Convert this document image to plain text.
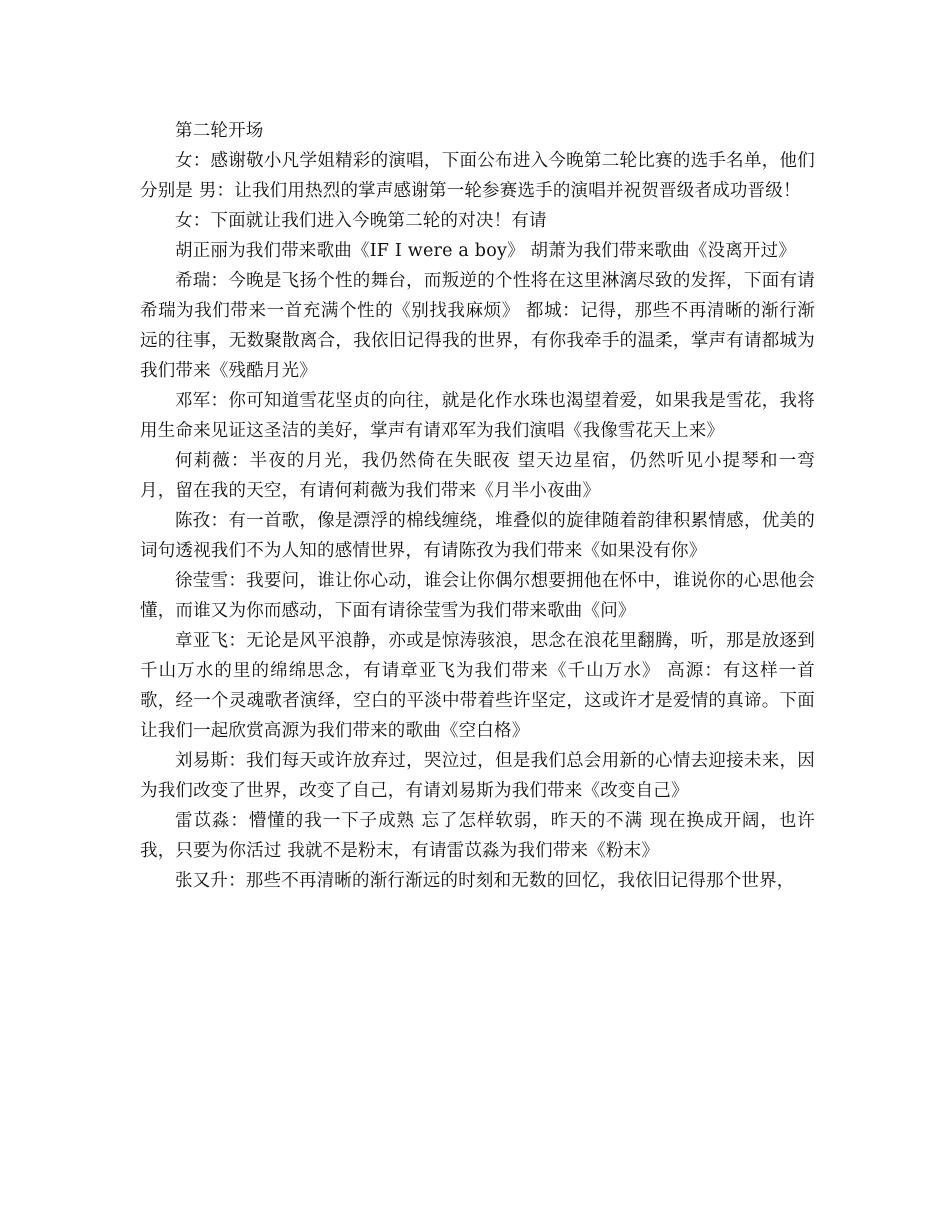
第二轮开场

女：感谢敬小凡学姐精彩的演唱，下面公布进入今晚第二轮比赛的选手名单，他们分别是 男：让我们用热烈的掌声感谢第一轮参赛选手的演唱并祝贺晋级者成功晋级！

女：下面就让我们进入今晚第二轮的对决！有请

胡正丽为我们带来歌曲《IF I were a boy》 胡萧为我们带来歌曲《没离开过》

希瑞：今晚是飞扬个性的舞台，而叛逆的个性将在这里淋漓尽致的发挥，下面有请希瑞为我们带来一首充满个性的《别找我麻烦》 都城：记得，那些不再清晰的渐行渐远的往事，无数聚散离合，我依旧记得我的世界，有你我牵手的温柔，掌声有请都城为我们带来《残酷月光》

邓军：你可知道雪花坚贞的向往，就是化作水珠也渴望着爱，如果我是雪花，我将用生命来见证这圣洁的美好，掌声有请邓军为我们演唱《我像雪花天上来》

何莉薇：半夜的月光，我仍然倚在失眠夜 望天边星宿，仍然听见小提琴和一弯月，留在我的天空，有请何莉薇为我们带来《月半小夜曲》

陈孜：有一首歌，像是漂浮的棉线缠绕，堆叠似的旋律随着韵律积累情感，优美的词句透视我们不为人知的感情世界，有请陈孜为我们带来《如果没有你》

徐莹雪：我要问，谁让你心动，谁会让你偶尔想要拥他在怀中，谁说你的心思他会懂，而谁又为你而感动，下面有请徐莹雪为我们带来歌曲《问》

章亚飞：无论是风平浪静，亦或是惊涛骇浪，思念在浪花里翻腾，听，那是放逐到千山万水的里的绵绵思念，有请章亚飞为我们带来《千山万水》 高源：有这样一首歌，经一个灵魂歌者演绎，空白的平淡中带着些许坚定，这或许才是爱情的真谛。下面让我们一起欣赏高源为我们带来的歌曲《空白格》

刘易斯：我们每天或许放弃过，哭泣过，但是我们总会用新的心情去迎接未来，因为我们改变了世界，改变了自己，有请刘易斯为我们带来《改变自己》

雷苡淼：懵懂的我一下子成熟 忘了怎样软弱，昨天的不满 现在换成开阔，也许我，只要为你活过 我就不是粉末，有请雷苡淼为我们带来《粉末》

张又升：那些不再清晰的渐行渐远的时刻和无数的回忆，我依旧记得那个世界，
